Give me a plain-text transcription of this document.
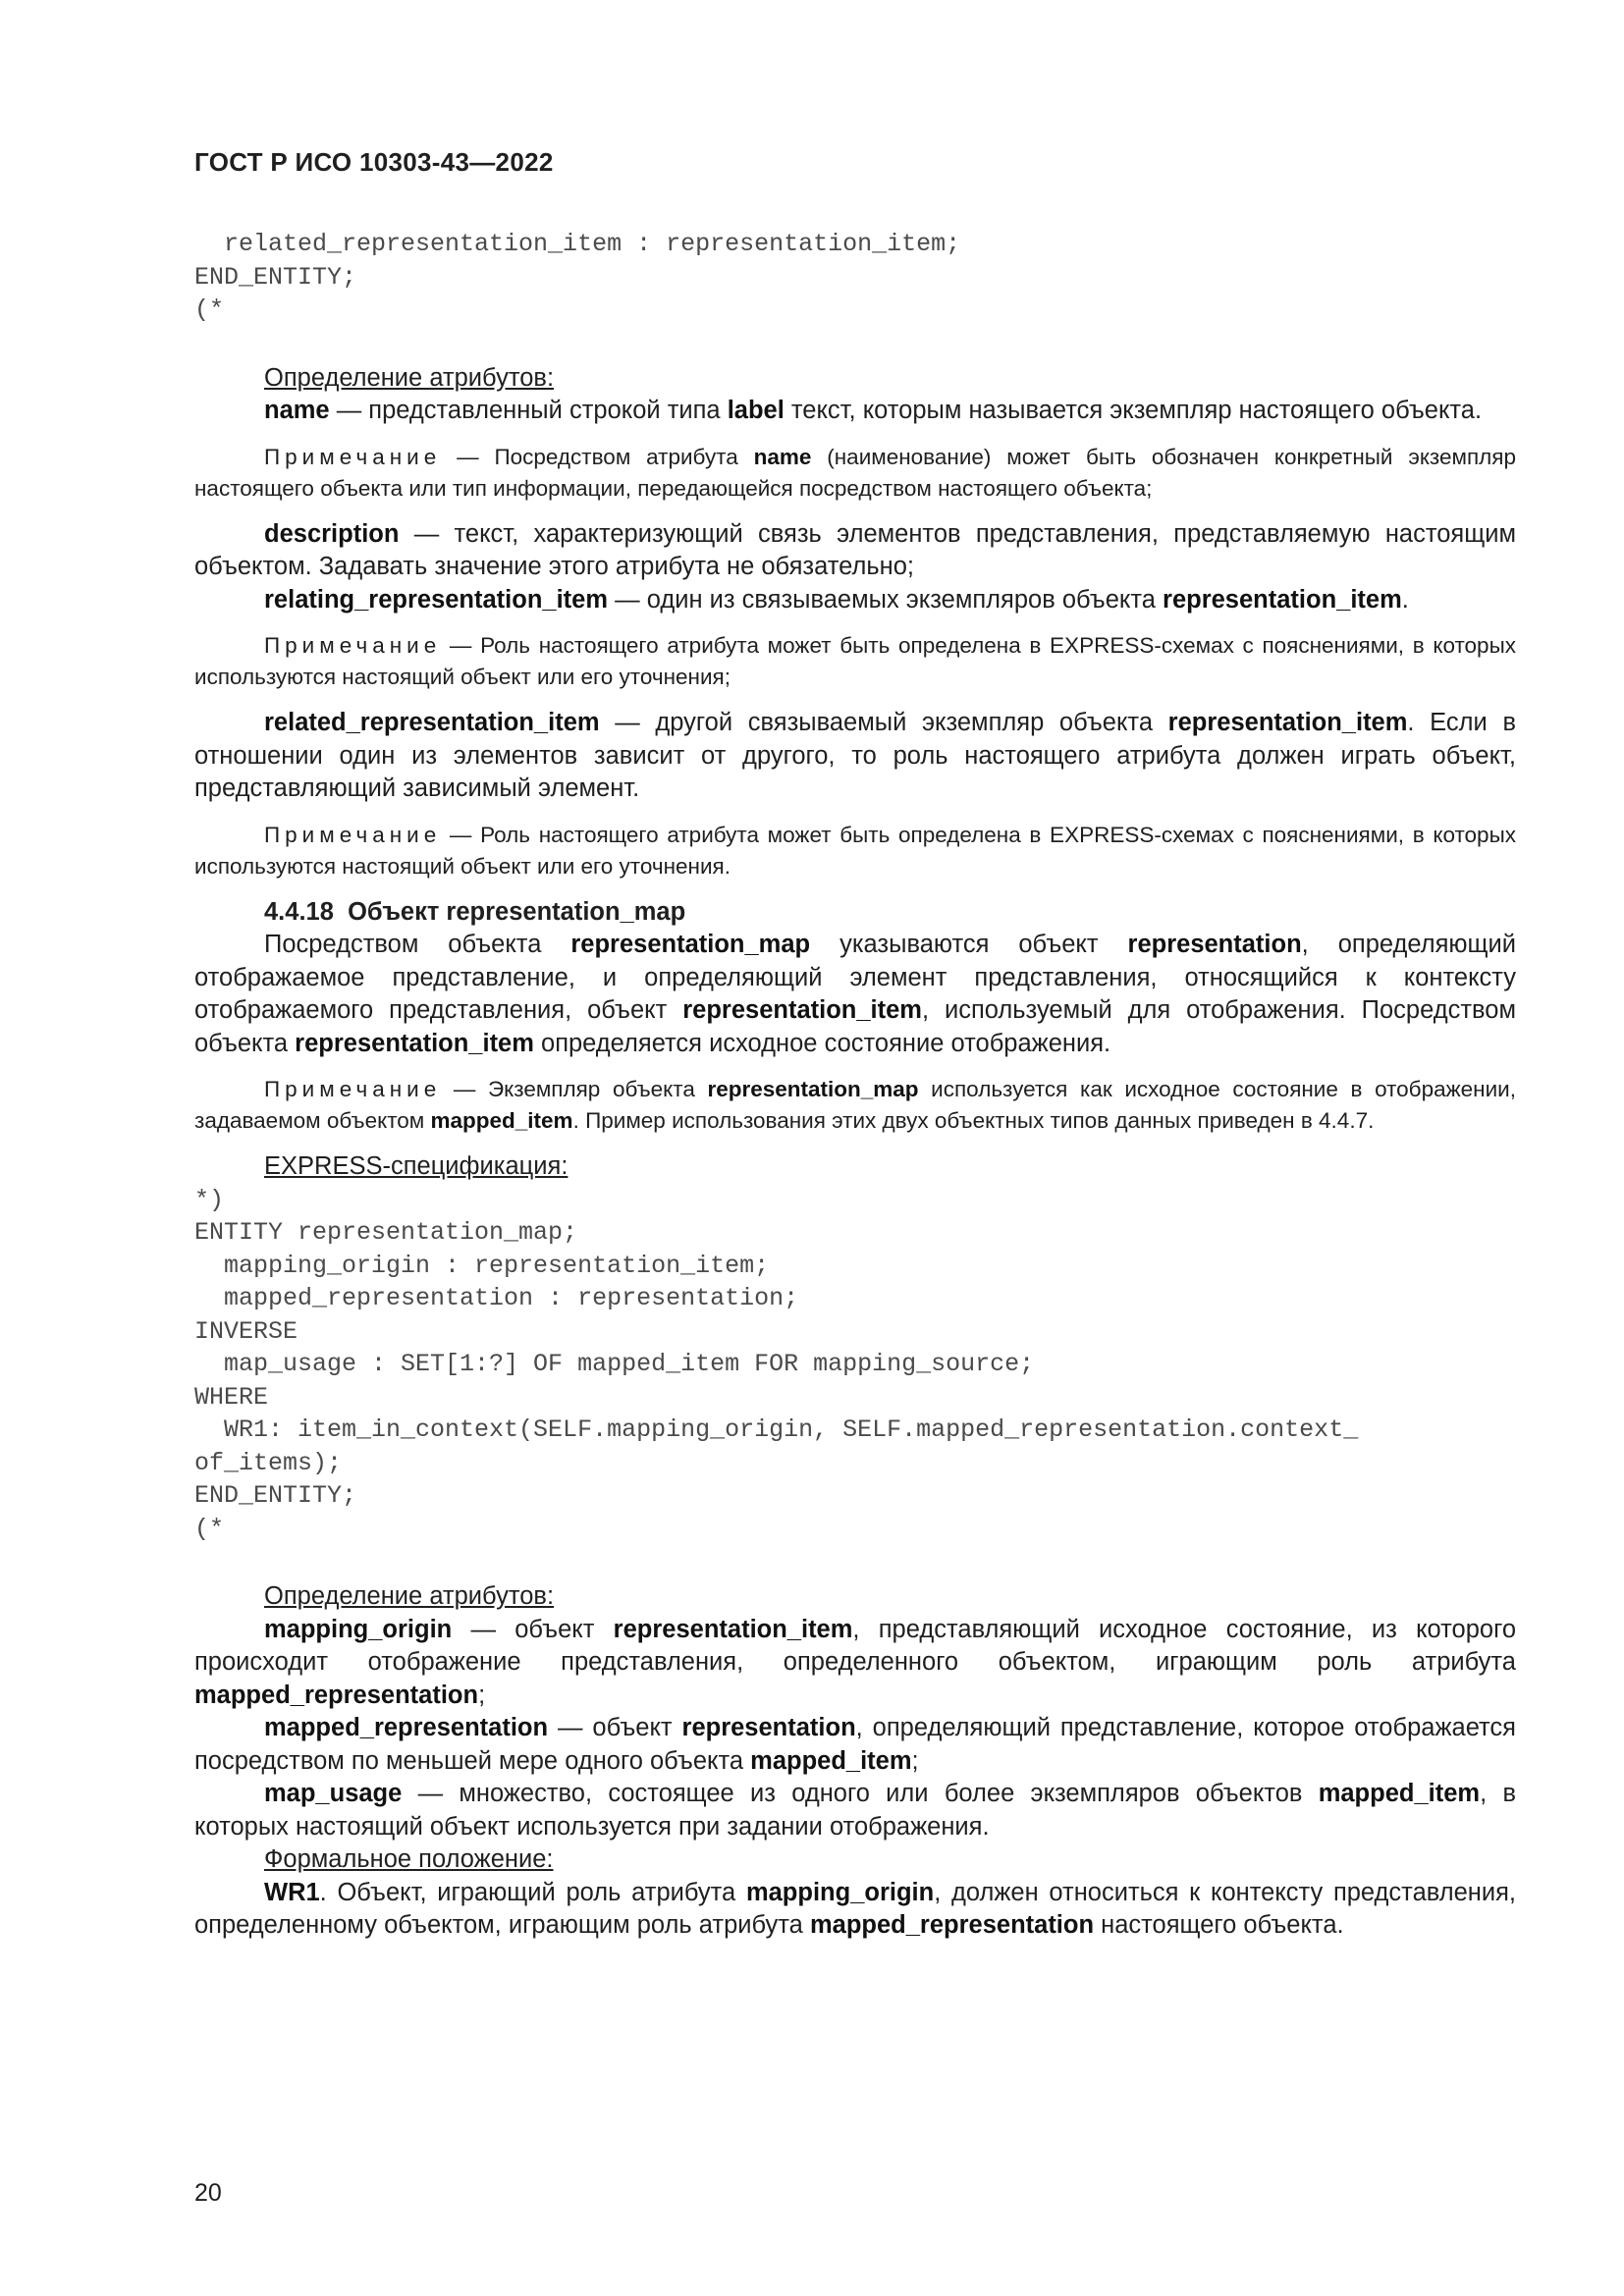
ГОСТ Р ИСО 10303-43—2022
related_representation_item : representation_item;
END_ENTITY;
(*

Определение атрибутов:

name — представленный строкой типа label текст, которым называется экземпляр настоящего объекта.

Примечание — Посредством атрибута name (наименование) может быть обозначен конкретный экземпляр настоящего объекта или тип информации, передающейся посредством настоящего объекта;

description — текст, характеризующий связь элементов представления, представляемую настоящим объектом. Задавать значение этого атрибута не обязательно;

relating_representation_item — один из связываемых экземпляров объекта representation_item.

Примечание — Роль настоящего атрибута может быть определена в EXPRESS-схемах с пояснениями, в которых используются настоящий объект или его уточнения;

related_representation_item — другой связываемый экземпляр объекта representation_item. Если в отношении один из элементов зависит от другого, то роль настоящего атрибута должен играть объект, представляющий зависимый элемент.

Примечание — Роль настоящего атрибута может быть определена в EXPRESS-схемах с пояснениями, в которых используются настоящий объект или его уточнения.

4.4.18 Объект representation_map

Посредством объекта representation_map указываются объект representation, определяющий отображаемое представление, и определяющий элемент представления, относящийся к контексту отображаемого представления, объект representation_item, используемый для отображения. Посредством объекта representation_item определяется исходное состояние отображения.

Примечание — Экземпляр объекта representation_map используется как исходное состояние в отображении, задаваемом объектом mapped_item. Пример использования этих двух объектных типов данных приведен в 4.4.7.

EXPRESS-спецификация:

*)
ENTITY representation_map;
mapping_origin : representation_item;
mapped_representation : representation;
INVERSE
map_usage : SET[1:?] OF mapped_item FOR mapping_source;
WHERE
WR1: item_in_context(SELF.mapping_origin, SELF.mapped_representation.context_
of_items);
END_ENTITY;
(*

Определение атрибутов:

mapping_origin — объект representation_item, представляющий исходное состояние, из которого происходит отображение представления, определенного объектом, играющим роль атрибута mapped_representation;

mapped_representation — объект representation, определяющий представление, которое отображается посредством по меньшей мере одного объекта mapped_item;

map_usage — множество, состоящее из одного или более экземпляров объектов mapped_item, в которых настоящий объект используется при задании отображения.

Формальное положение:

WR1. Объект, играющий роль атрибута mapping_origin, должен относиться к контексту представления, определенному объектом, играющим роль атрибута mapped_representation настоящего объекта.

20
